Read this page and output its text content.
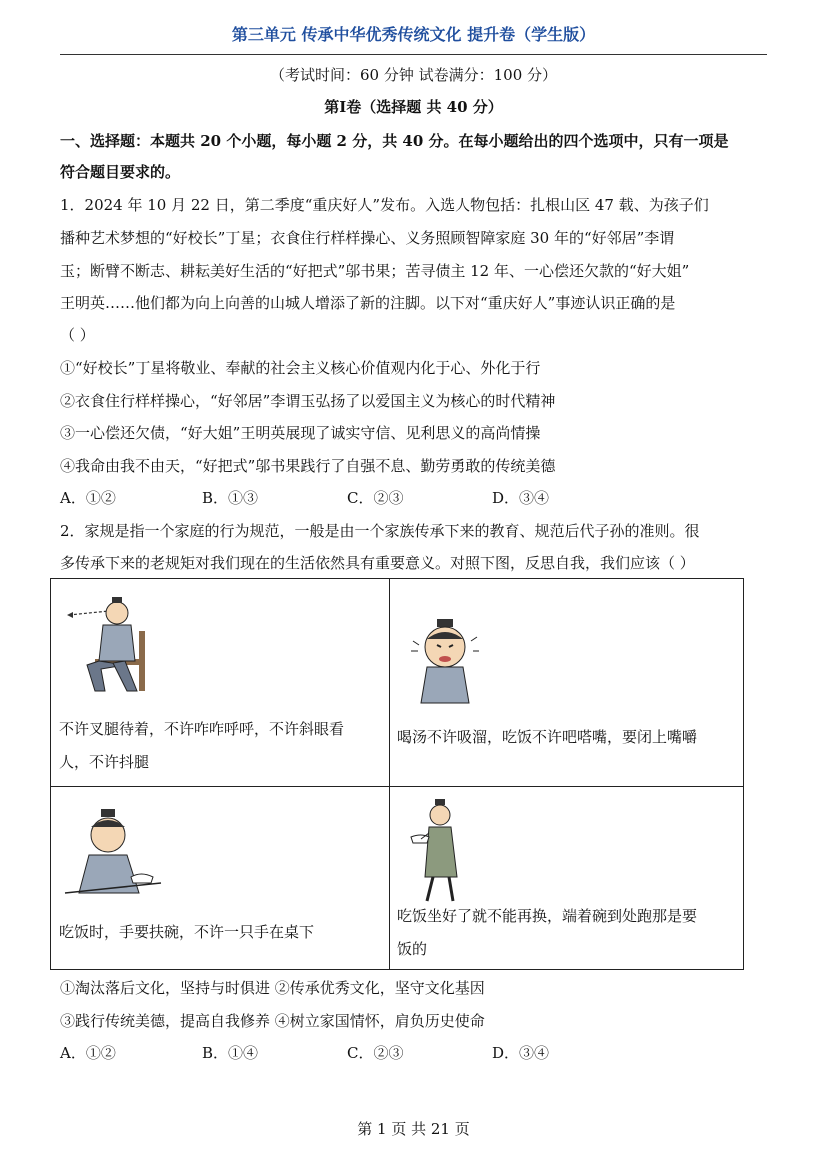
第三单元 传承中华优秀传统文化 提升卷（学生版）
（考试时间：60 分钟 试卷满分：100 分）
第Ⅰ卷（选择题 共 40 分）
一、选择题：本题共 20 个小题，每小题 2 分，共 40 分。在每小题给出的四个选项中，只有一项是
符合题目要求的。
1．2024 年 10 月 22 日，第二季度“重庆好人”发布。入选人物包括：扎根山区 47 载、为孩子们
播种艺术梦想的“好校长”丁星；衣食住行样样操心、义务照顾智障家庭 30 年的“好邻居”李谓
玉；断臂不断志、耕耘美好生活的“好把式”邬书果；苦寻债主 12 年、一心偿还欠款的“好大姐”
王明英……他们都为向上向善的山城人增添了新的注脚。以下对“重庆好人”事迹认识正确的是
（ ）
①“好校长”丁星将敬业、奉献的社会主义核心价值观内化于心、外化于行
②衣食住行样样操心，“好邻居”李谓玉弘扬了以爱国主义为核心的时代精神
③一心偿还欠债，“好大姐”王明英展现了诚实守信、见利思义的高尚情操
④我命由我不由天，“好把式”邬书果践行了自强不息、勤劳勇敢的传统美德
A．①②	B．①③	C．②③	D．③④
2．家规是指一个家庭的行为规范，一般是由一个家族传承下来的教育、规范后代子孙的准则。很
多传承下来的老规矩对我们现在的生活依然具有重要意义。对照下图，反思自我，我们应该（ ）
不许叉腿待着，不许咋咋呼呼，不许斜眼看
人，不许抖腿
喝汤不许吸溜，吃饭不许吧嗒嘴，要闭上嘴嚼
吃饭时，手要扶碗，不许一只手在桌下
吃饭坐好了就不能再换，端着碗到处跑那是要
饭的
①淘汰落后文化，坚持与时俱进 ②传承优秀文化，坚守文化基因
③践行传统美德，提高自我修养 ④树立家国情怀，肩负历史使命
A．①②	B．①④	C．②③	D．③④
第 1 页 共 21 页
